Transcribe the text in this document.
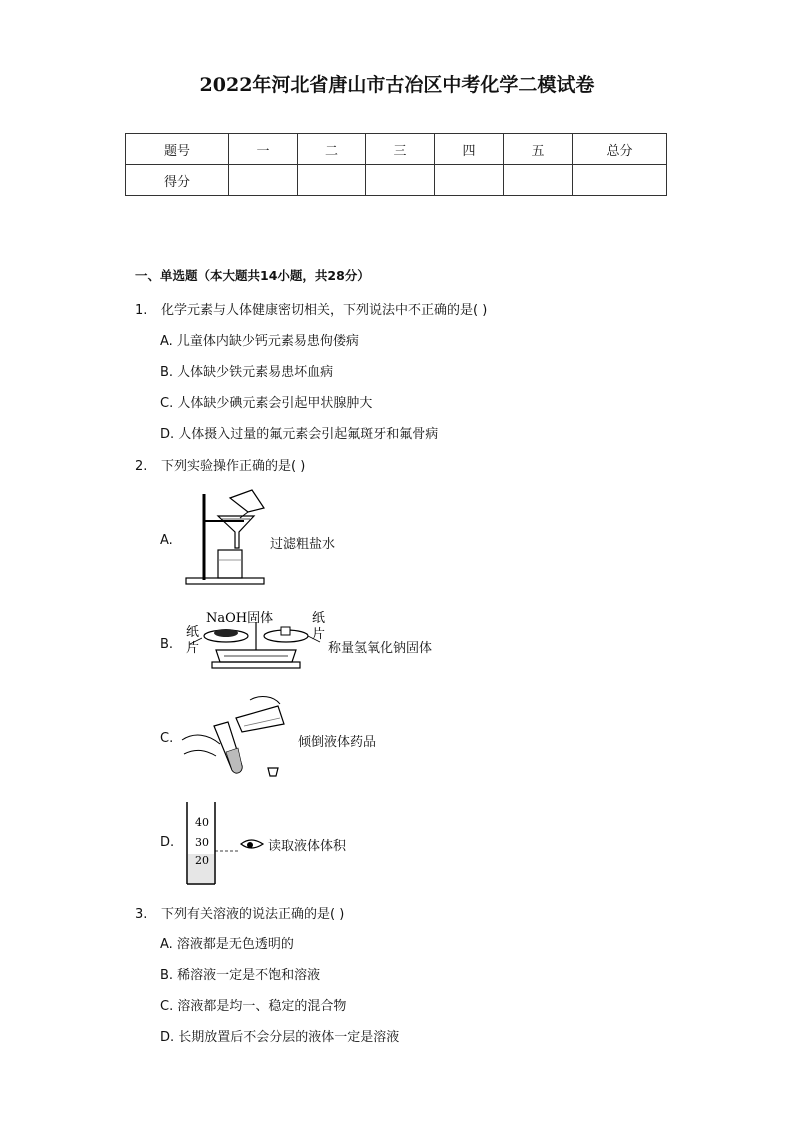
2022年河北省唐山市古冶区中考化学二模试卷
题号	一	二	三	四	五	总分
得分						
一、单选题（本大题共14小题，共28分）
1. 化学元素与人体健康密切相关，下列说法中不正确的是( )
A. 儿童体内缺少钙元素易患佝偻病
B. 人体缺少铁元素易患坏血病
C. 人体缺少碘元素会引起甲状腺肿大
D. 人体摄入过量的氟元素会引起氟斑牙和氟骨病
2. 下列实验操作正确的是( )
A.	过滤粗盐水
B.
NaOH固体
纸
片
纸
片
称量氢氧化钠固体
C.	倾倒液体药品
D.
40
30
20
读取液体体积
3. 下列有关溶液的说法正确的是( )
A. 溶液都是无色透明的
B. 稀溶液一定是不饱和溶液
C. 溶液都是均一、稳定的混合物
D. 长期放置后不会分层的液体一定是溶液
